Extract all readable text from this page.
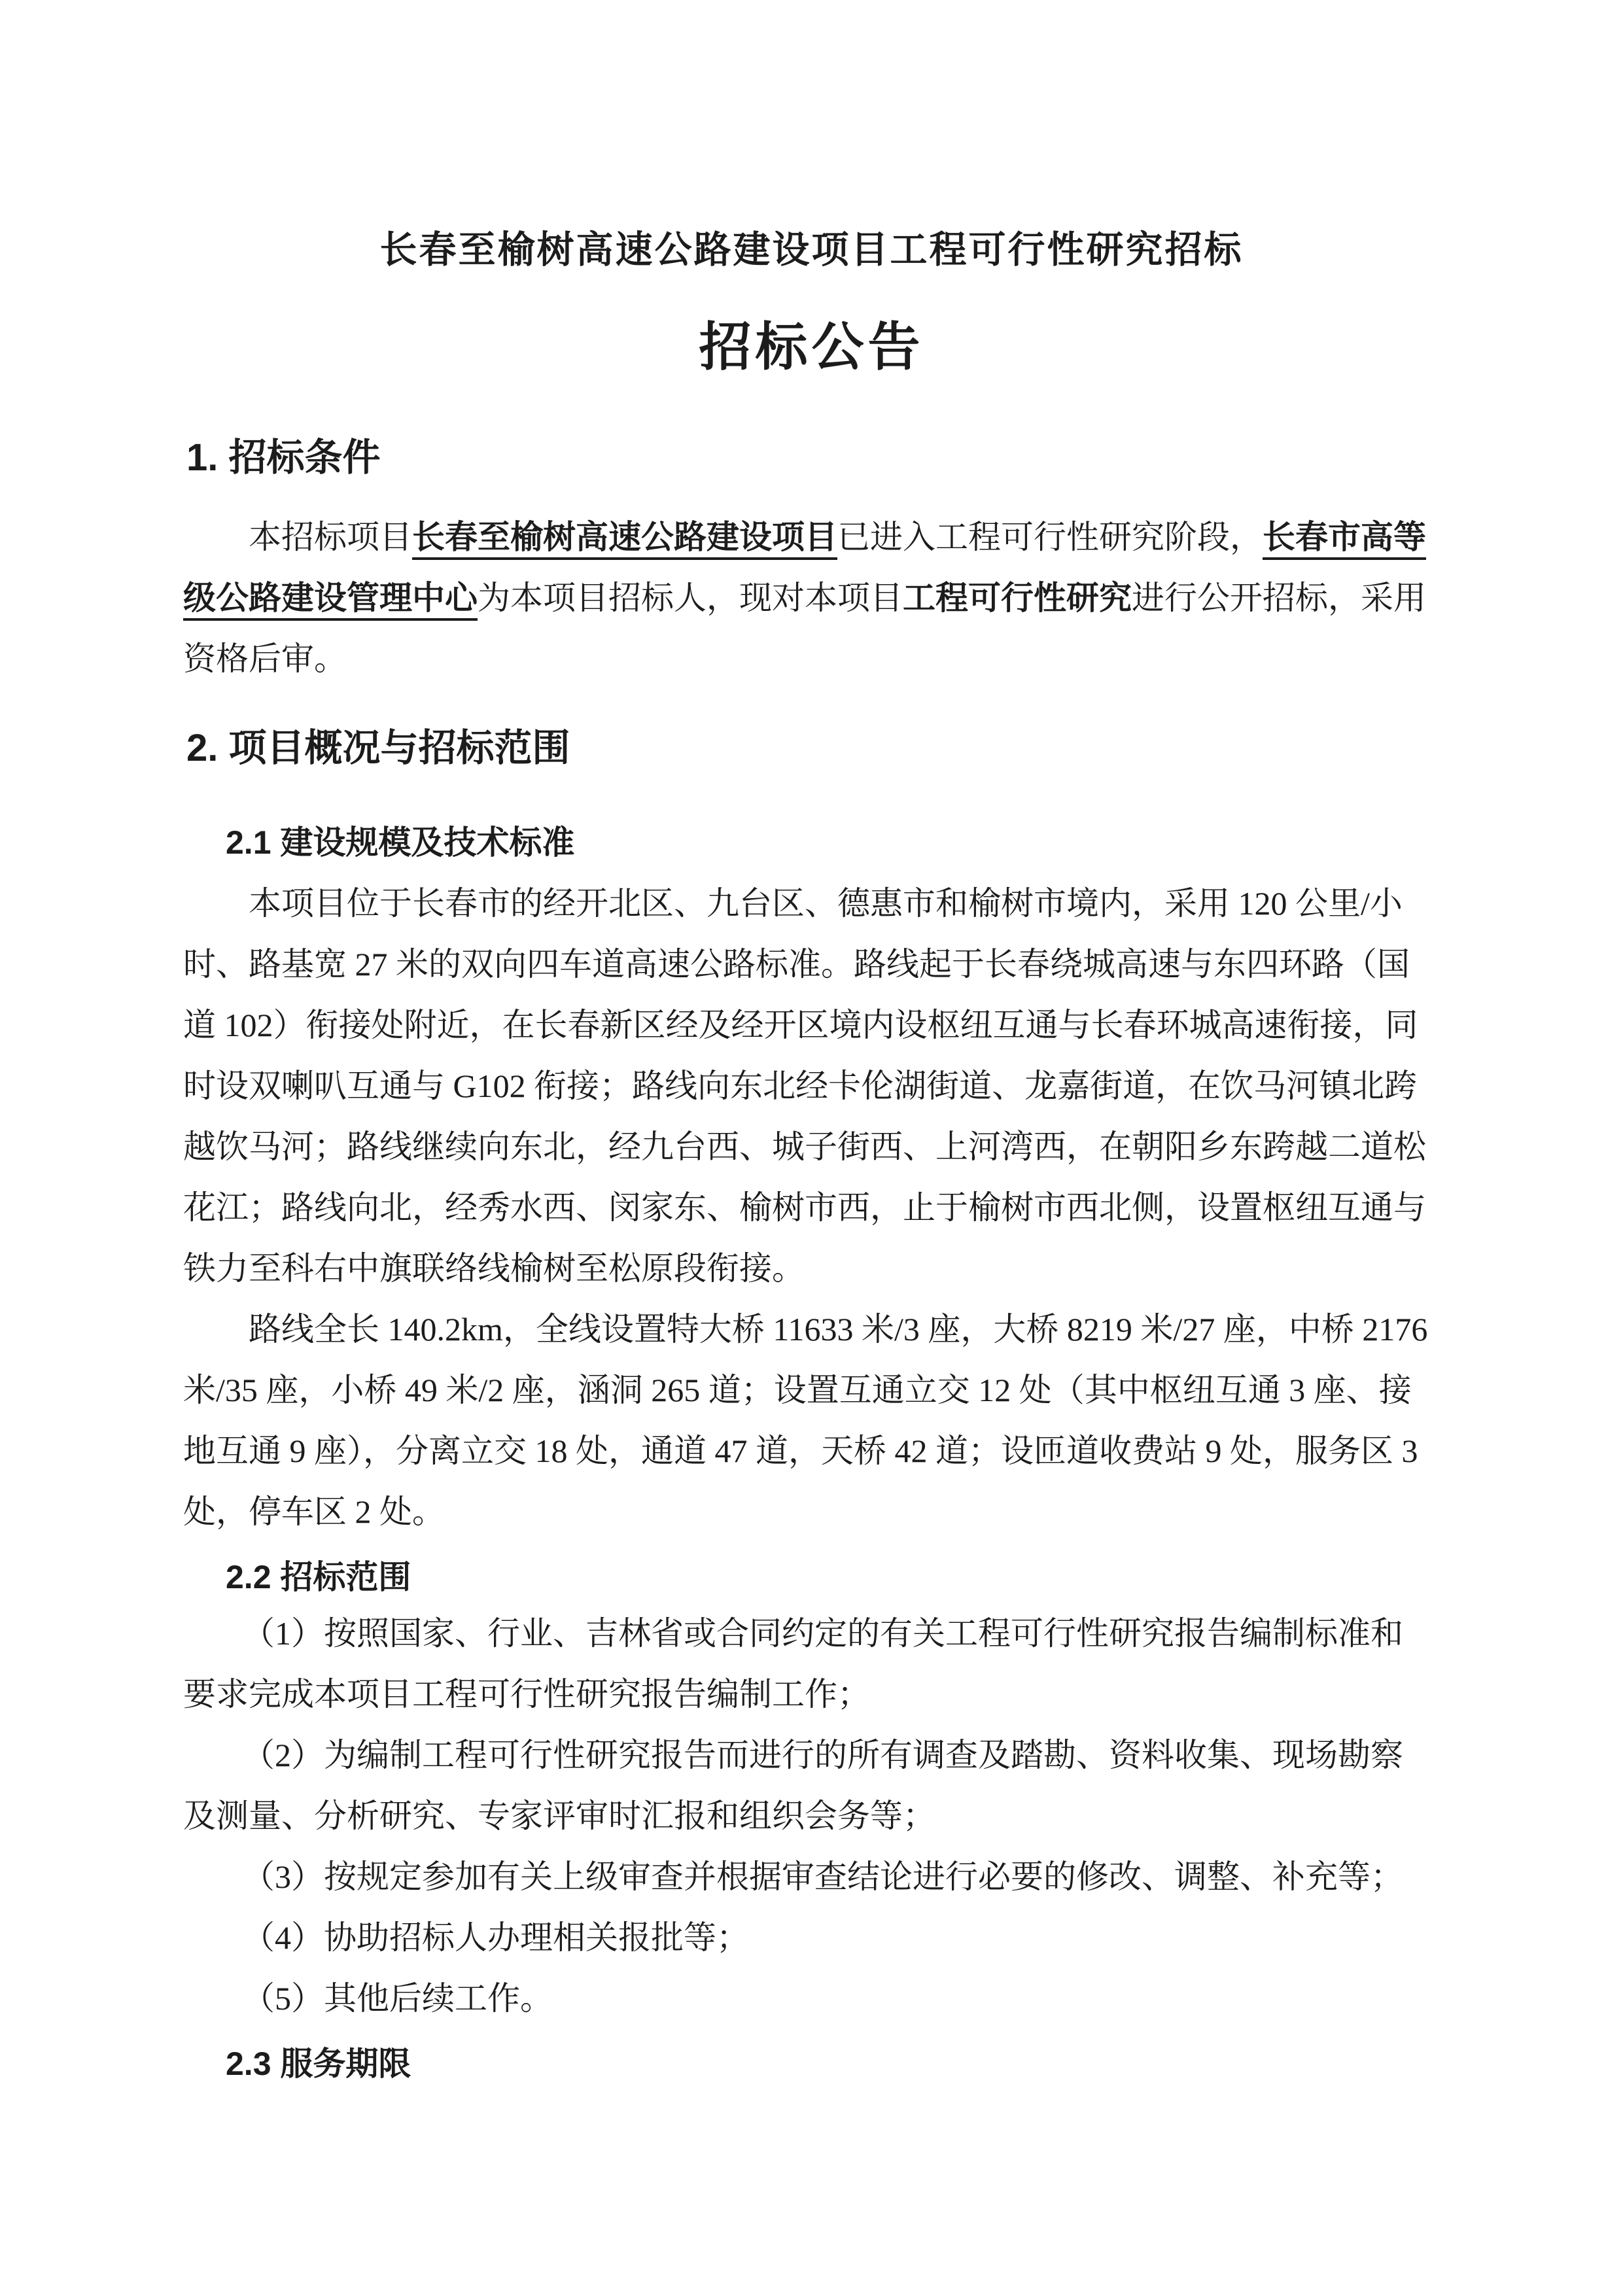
长春至榆树高速公路建设项目工程可行性研究招标
招标公告
1. 招标条件
本招标项目长春至榆树高速公路建设项目已进入工程可行性研究阶段，长春市高等
级公路建设管理中心为本项目招标人，现对本项目工程可行性研究进行公开招标，采用
资格后审。
2. 项目概况与招标范围
2.1 建设规模及技术标准
本项目位于长春市的经开北区、九台区、德惠市和榆树市境内，采用 120 公里/小
时、路基宽 27 米的双向四车道高速公路标准。路线起于长春绕城高速与东四环路（国
道 102）衔接处附近，在长春新区经及经开区境内设枢纽互通与长春环城高速衔接，同
时设双喇叭互通与 G102 衔接；路线向东北经卡伦湖街道、龙嘉街道，在饮马河镇北跨
越饮马河；路线继续向东北，经九台西、城子街西、上河湾西，在朝阳乡东跨越二道松
花江；路线向北，经秀水西、闵家东、榆树市西，止于榆树市西北侧，设置枢纽互通与
铁力至科右中旗联络线榆树至松原段衔接。
路线全长 140.2km，全线设置特大桥 11633 米/3 座，大桥 8219 米/27 座，中桥 2176
米/35 座，小桥 49 米/2 座，涵洞 265 道；设置互通立交 12 处（其中枢纽互通 3 座、接
地互通 9 座），分离立交 18 处，通道 47 道，天桥 42 道；设匝道收费站 9 处，服务区 3
处，停车区 2 处。
2.2 招标范围
（1）按照国家、行业、吉林省或合同约定的有关工程可行性研究报告编制标准和
要求完成本项目工程可行性研究报告编制工作；
（2）为编制工程可行性研究报告而进行的所有调查及踏勘、资料收集、现场勘察
及测量、分析研究、专家评审时汇报和组织会务等；
（3）按规定参加有关上级审查并根据审查结论进行必要的修改、调整、补充等；
（4）协助招标人办理相关报批等；
（5）其他后续工作。
2.3 服务期限
